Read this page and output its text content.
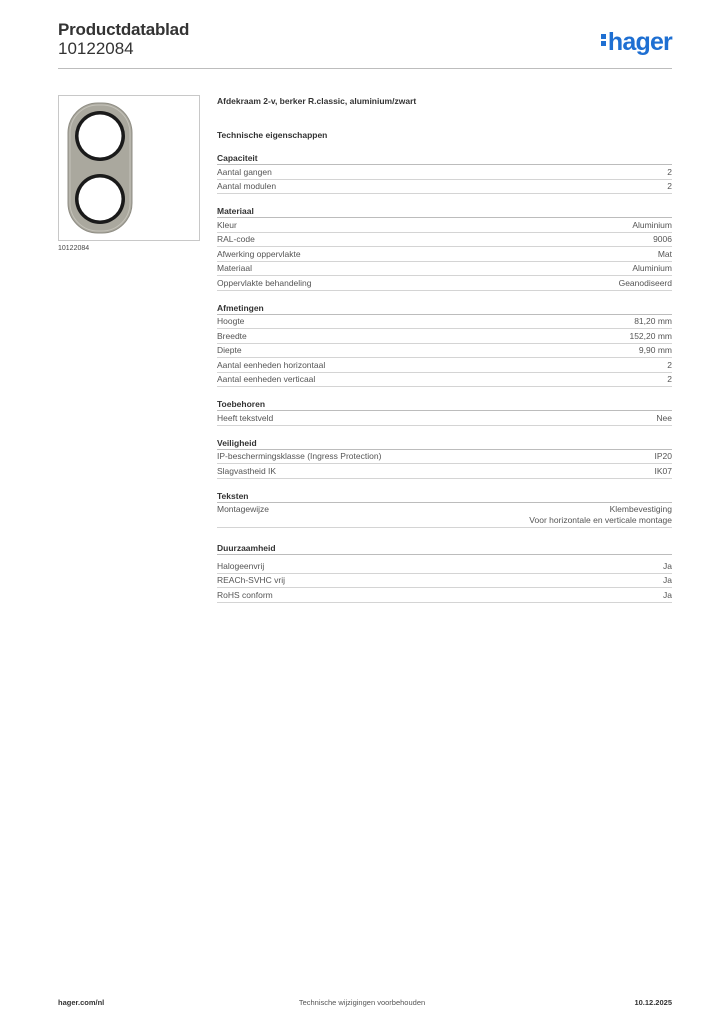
Productdatablad
10122084	hager
10122084
Afdekraam 2-v, berker R.classic, aluminium/zwart
Technische eigenschappen
Capaciteit
Aantal gangen	2
Aantal modulen	2
Materiaal
Kleur	Aluminium
RAL-code	9006
Afwerking oppervlakte	Mat
Materiaal	Aluminium
Oppervlakte behandeling	Geanodiseerd
Afmetingen
Hoogte	81,20 mm
Breedte	152,20 mm
Diepte	9,90 mm
Aantal eenheden horizontaal	2
Aantal eenheden verticaal	2
Toebehoren
Heeft tekstveld	Nee
Veiligheid
IP-beschermingsklasse (Ingress Protection)	IP20
Slagvastheid IK	IK07
Teksten
Montagewijze	Klembevestiging
Voor horizontale en verticale montage
Duurzaamheid
Halogeenvrij	Ja
REACh-SVHC vrij	Ja
RoHS conform	Ja
hager.com/nl	Technische wijzigingen voorbehouden	10.12.2025
